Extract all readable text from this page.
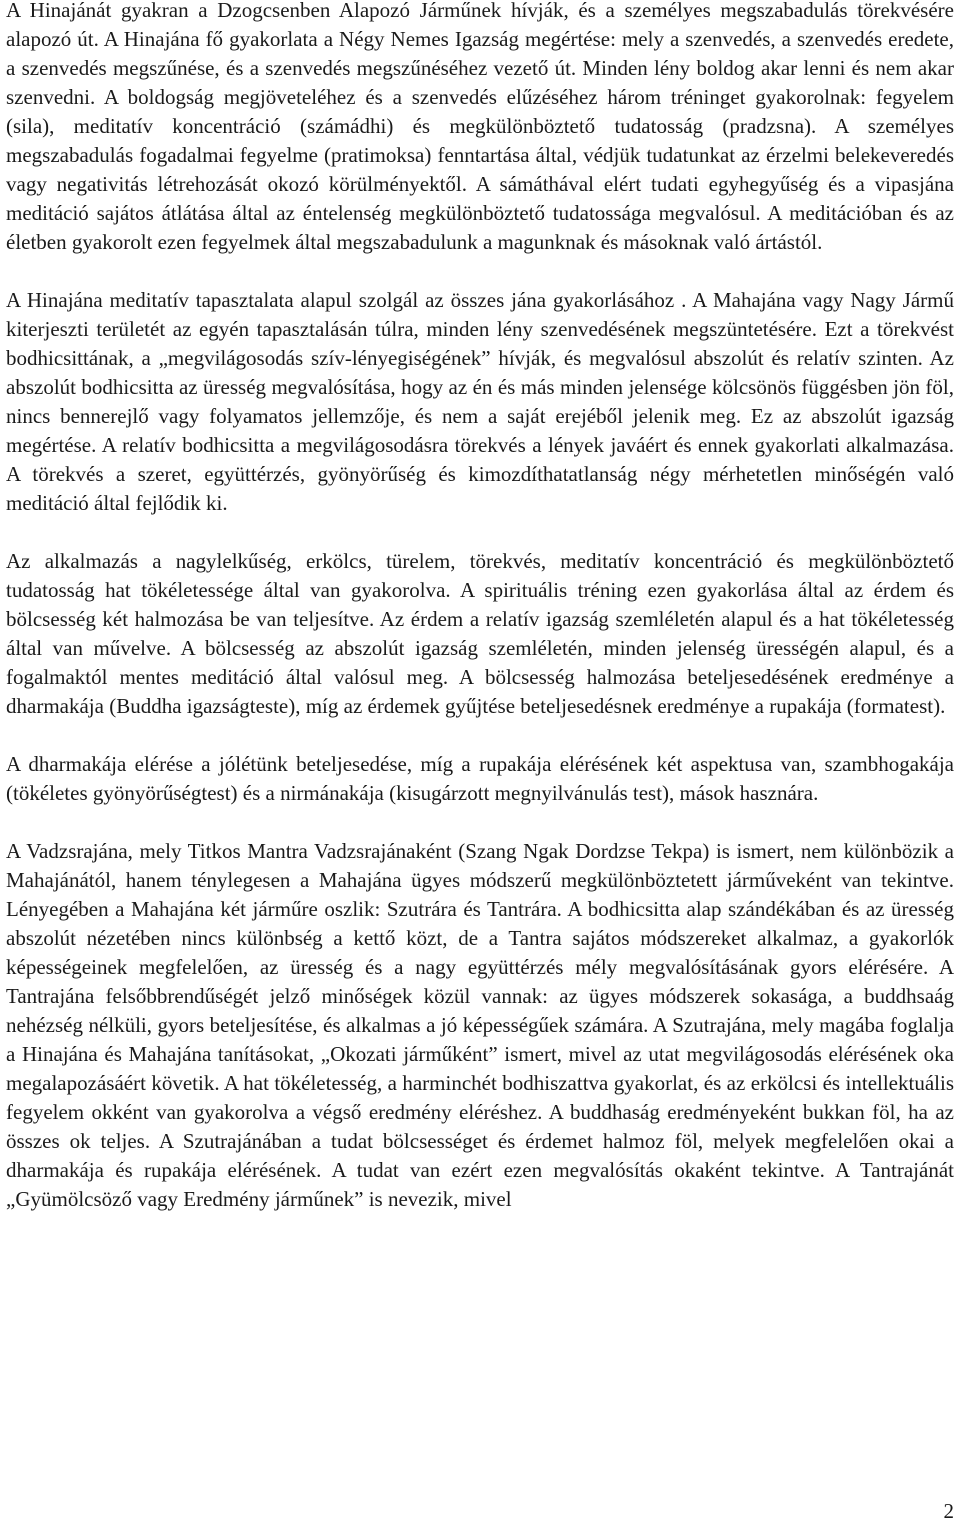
A Hinajánát gyakran a Dzogcsenben Alapozó Járműnek hívják, és a személyes megszabadulás törekvésére alapozó út. A Hinajána fő gyakorlata a Négy Nemes Igazság megértése: mely a szenvedés, a szenvedés eredete, a szenvedés megszűnése, és a szenvedés megszűnéséhez vezető út. Minden lény boldog akar lenni és nem akar szenvedni. A boldogság megjöveteléhez és a szenvedés elűzéséhez három tréninget gyakorolnak: fegyelem (sila), meditatív koncentráció (számádhi) és megkülönböztető tudatosság (pradzsna). A személyes megszabadulás fogadalmai fegyelme (pratimoksa) fenntartása által, védjük tudatunkat az érzelmi belekeveredés vagy negativitás létrehozását okozó körülményektől. A sámáthával elért tudati egyhegyűség és a vipasjána meditáció sajátos átlátása által az éntelenség megkülönböztető tudatossága megvalósul. A meditációban és az életben gyakorolt ezen fegyelmek által megszabadulunk a magunknak és másoknak való ártástól.

A Hinajána meditatív tapasztalata alapul szolgál az összes jána gyakorlásához . A Mahajána vagy Nagy Jármű kiterjeszti területét az egyén tapasztalásán túlra, minden lény szenvedésének megszüntetésére. Ezt a törekvést bodhicsittának, a „megvilágosodás szív-lényegiségének” hívják, és megvalósul abszolút és relatív szinten. Az abszolút bodhicsitta az üresség megvalósítása, hogy az én és más minden jelensége kölcsönös függésben jön föl, nincs bennerejlő vagy folyamatos jellemzője, és nem a saját erejéből jelenik meg. Ez az abszolút igazság megértése. A relatív bodhicsitta a megvilágosodásra törekvés a lények javáért és ennek gyakorlati alkalmazása. A törekvés a szeret, együttérzés, gyönyörűség és kimozdíthatatlanság négy mérhetetlen minőségén való meditáció által fejlődik ki.

Az alkalmazás a nagylelkűség, erkölcs, türelem, törekvés, meditatív koncentráció és megkülönböztető tudatosság hat tökéletessége által van gyakorolva. A spirituális tréning ezen gyakorlása által az érdem és bölcsesség két halmozása be van teljesítve. Az érdem a relatív igazság szemléletén alapul és a hat tökéletesség által van művelve. A bölcsesség az abszolút igazság szemléletén, minden jelenség ürességén alapul, és a fogalmaktól mentes meditáció által valósul meg. A bölcsesség halmozása beteljesedésének eredménye a dharmakája (Buddha igazságteste), míg az érdemek gyűjtése beteljesedésnek eredménye a rupakája (formatest).

A dharmakája elérése a jólétünk beteljesedése, míg a rupakája elérésének két aspektusa van, szambhogakája (tökéletes gyönyörűségtest) és a nirmánakája (kisugárzott megnyilvánulás test), mások hasznára.

A Vadzsrajána, mely Titkos Mantra Vadzsrajánaként (Szang Ngak Dordzse Tekpa) is ismert, nem különbözik a Mahajánától, hanem ténylegesen a Mahajána ügyes módszerű megkülönböztetett járműveként van tekintve. Lényegében a Mahajána két járműre oszlik: Szutrára és Tantrára. A bodhicsitta alap szándékában és az üresség abszolút nézetében nincs különbség a kettő közt, de a Tantra sajátos módszereket alkalmaz, a gyakorlók képességeinek megfelelően, az üresség és a nagy együttérzés mély megvalósításának gyors elérésére. A Tantrajána felsőbbrendűségét jelző minőségek közül vannak: az ügyes módszerek sokasága, a buddhsaág nehézség nélküli, gyors beteljesítése, és alkalmas a jó képességűek számára. A Szutrajána, mely magába foglalja a Hinajána és Mahajána tanításokat, „Okozati járműként” ismert, mivel az utat megvilágosodás elérésének oka megalapozásáért követik. A hat tökéletesség, a harminchét bodhiszattva gyakorlat, és az erkölcsi és intellektuális fegyelem okként van gyakorolva a végső eredmény eléréshez. A buddhaság eredményeként bukkan föl, ha az összes ok teljes. A Szutrajánában a tudat bölcsességet és érdemet halmoz föl, melyek megfelelően okai a dharmakája és rupakája elérésének. A tudat van ezért ezen megvalósítás okaként tekintve. A Tantrajánát „Gyümölcsöző vagy Eredmény járműnek” is nevezik, mivel

2
